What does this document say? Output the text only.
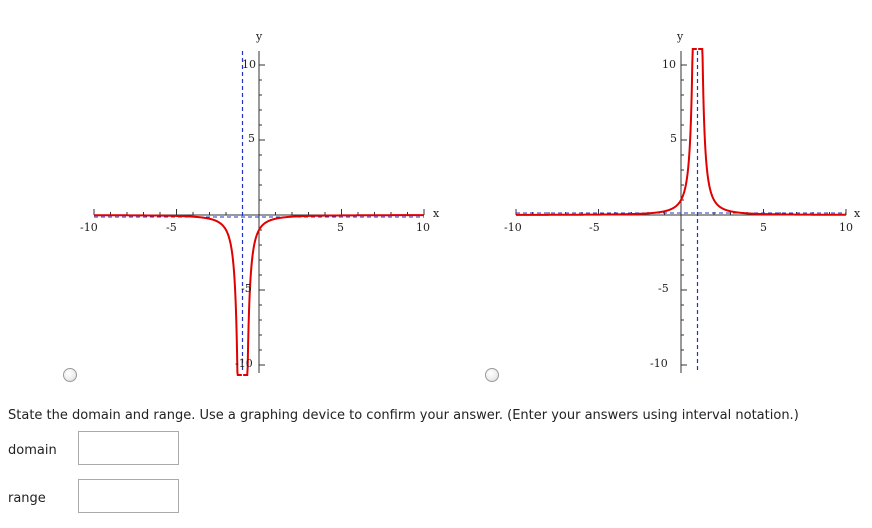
x
y
-10	-5	5	10
10
5
-5
-10
x
y
-10	-5	5	10
10
5
-5
-10
State the domain and range. Use a graphing device to confirm your answer. (Enter your answers using interval notation.)
domain
range
